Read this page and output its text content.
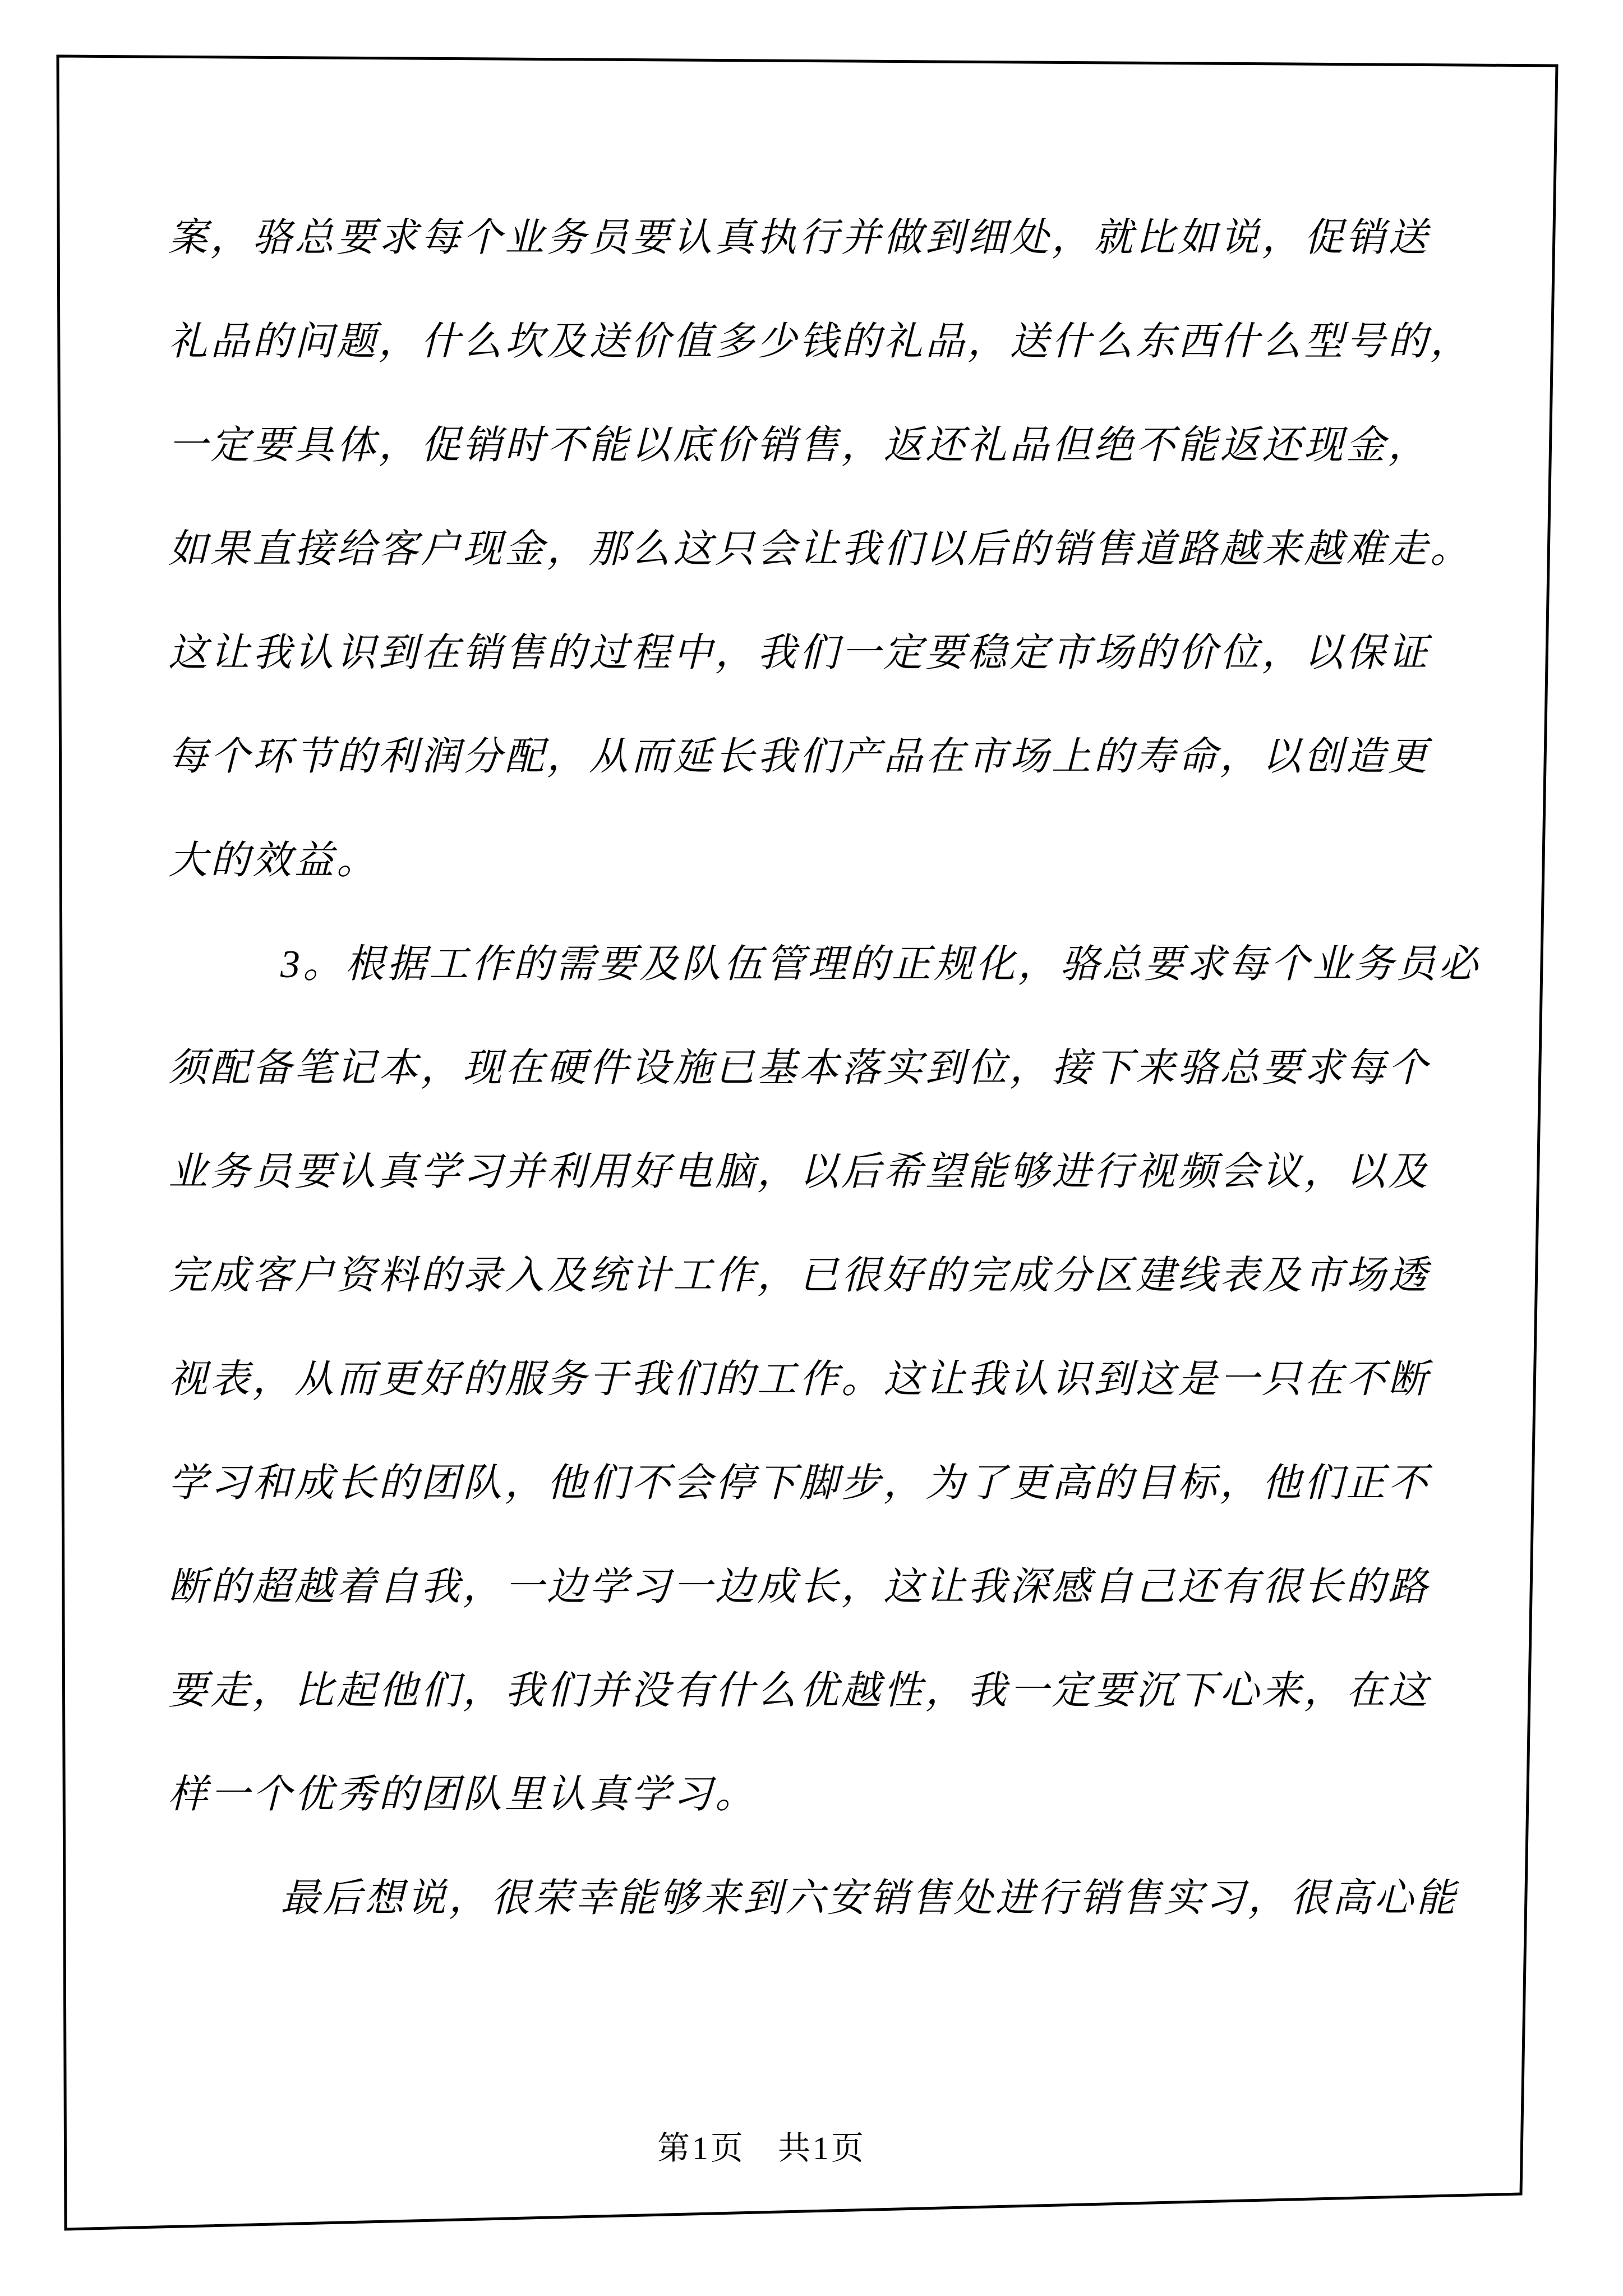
案，骆总要求每个业务员要认真执行并做到细处，就比如说，促销送
礼品的问题，什么坎及送价值多少钱的礼品，送什么东西什么型号的，
一定要具体，促销时不能以底价销售，返还礼品但绝不能返还现金，
如果直接给客户现金，那么这只会让我们以后的销售道路越来越难走。
这让我认识到在销售的过程中，我们一定要稳定市场的价位，以保证
每个环节的利润分配，从而延长我们产品在市场上的寿命，以创造更
大的效益。
3。根据工作的需要及队伍管理的正规化，骆总要求每个业务员必
须配备笔记本，现在硬件设施已基本落实到位，接下来骆总要求每个
业务员要认真学习并利用好电脑，以后希望能够进行视频会议，以及
完成客户资料的录入及统计工作，已很好的完成分区建线表及市场透
视表，从而更好的服务于我们的工作。这让我认识到这是一只在不断
学习和成长的团队，他们不会停下脚步，为了更高的目标，他们正不
断的超越着自我，一边学习一边成长，这让我深感自己还有很长的路
要走，比起他们，我们并没有什么优越性，我一定要沉下心来，在这
样一个优秀的团队里认真学习。
最后想说，很荣幸能够来到六安销售处进行销售实习，很高心能
第1页 共1页
